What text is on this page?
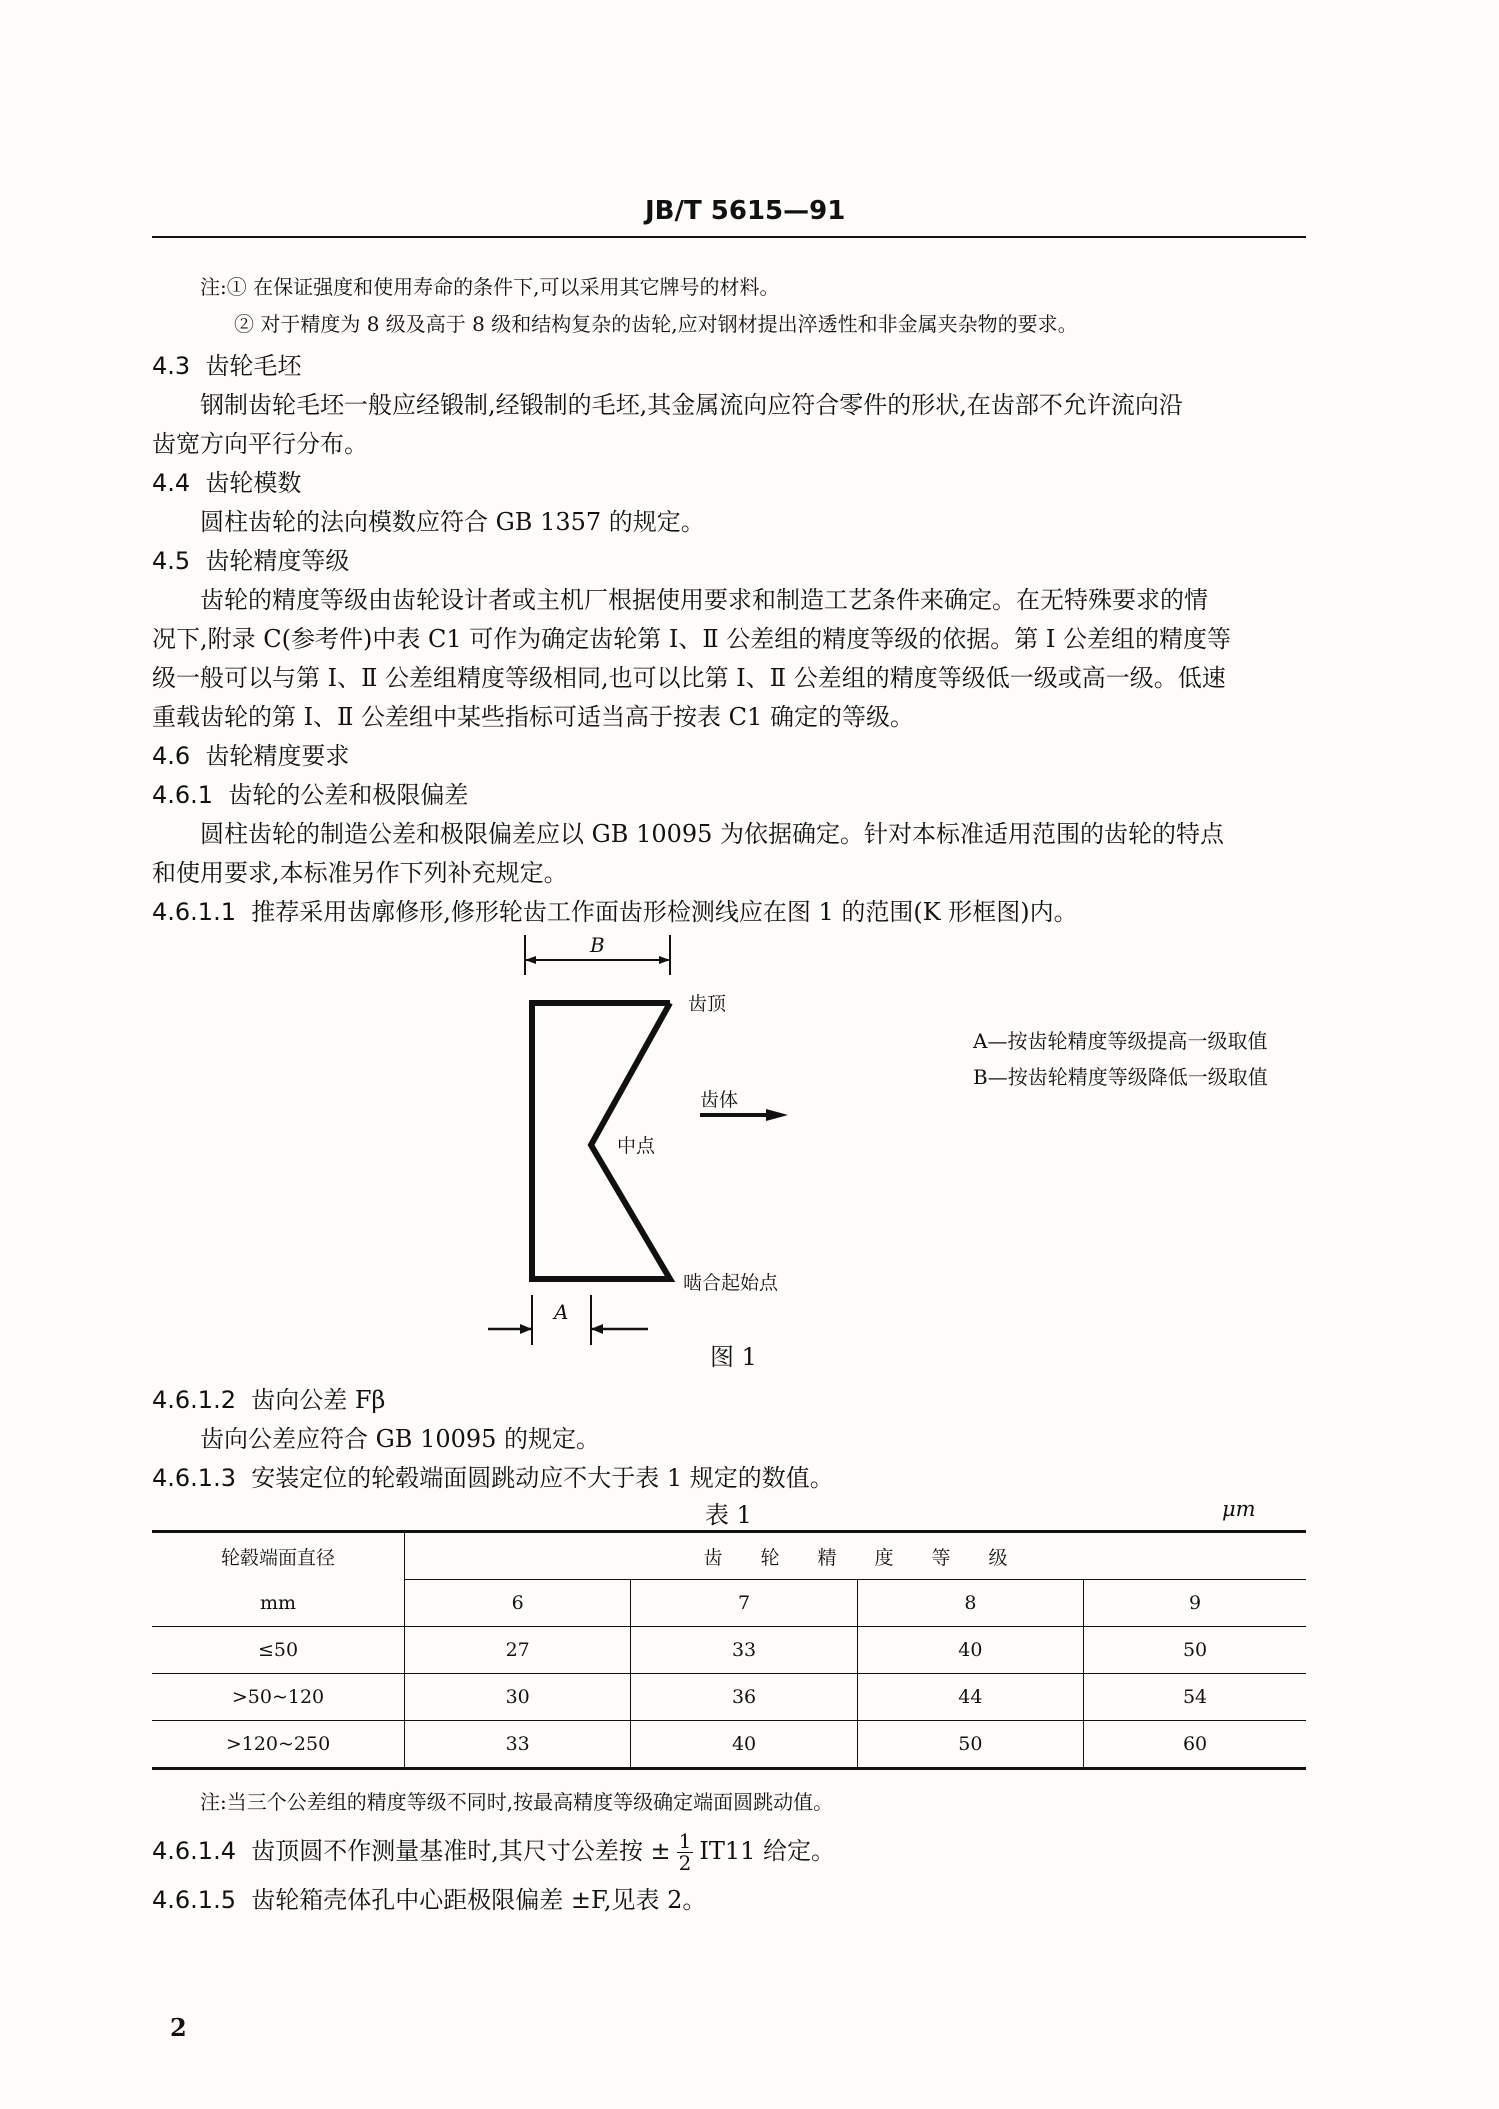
JB/T 5615—91
注:① 在保证强度和使用寿命的条件下,可以采用其它牌号的材料。
② 对于精度为 8 级及高于 8 级和结构复杂的齿轮,应对钢材提出淬透性和非金属夹杂物的要求。
4.3 齿轮毛坯
钢制齿轮毛坯一般应经锻制,经锻制的毛坯,其金属流向应符合零件的形状,在齿部不允许流向沿
齿宽方向平行分布。
4.4 齿轮模数
圆柱齿轮的法向模数应符合 GB 1357 的规定。
4.5 齿轮精度等级
齿轮的精度等级由齿轮设计者或主机厂根据使用要求和制造工艺条件来确定。在无特殊要求的情
况下,附录 C(参考件)中表 C1 可作为确定齿轮第 Ⅰ、Ⅱ 公差组的精度等级的依据。第 Ⅰ 公差组的精度等
级一般可以与第 Ⅰ、Ⅱ 公差组精度等级相同,也可以比第 Ⅰ、Ⅱ 公差组的精度等级低一级或高一级。低速
重载齿轮的第 Ⅰ、Ⅱ 公差组中某些指标可适当高于按表 C1 确定的等级。
4.6 齿轮精度要求
4.6.1 齿轮的公差和极限偏差
圆柱齿轮的制造公差和极限偏差应以 GB 10095 为依据确定。针对本标准适用范围的齿轮的特点
和使用要求,本标准另作下列补充规定。
4.6.1.1 推荐采用齿廓修形,修形轮齿工作面齿形检测线应在图 1 的范围(K 形框图)内。
B
A
齿顶
齿体
中点
啮合起始点
A—按齿轮精度等级提高一级取值
B—按齿轮精度等级降低一级取值
图 1
4.6.1.2 齿向公差 Fβ
齿向公差应符合 GB 10095 的规定。
4.6.1.3 安装定位的轮毂端面圆跳动应不大于表 1 规定的数值。
表 1	μm
轮毂端面直径	齿　　轮　　精　　度　　等　　级			
mm	6	7	8	9
≤50	27	33	40	50
>50~120	30	36	44	54
>120~250	33	40	50	60
注:当三个公差组的精度等级不同时,按最高精度等级确定端面圆跳动值。
4.6.1.4 齿顶圆不作测量基准时,其尺寸公差按 ± $\frac{1}{2} IT11$ 给定。
4.6.1.5 齿轮箱壳体孔中心距极限偏差 ±F,见表 2。
2
